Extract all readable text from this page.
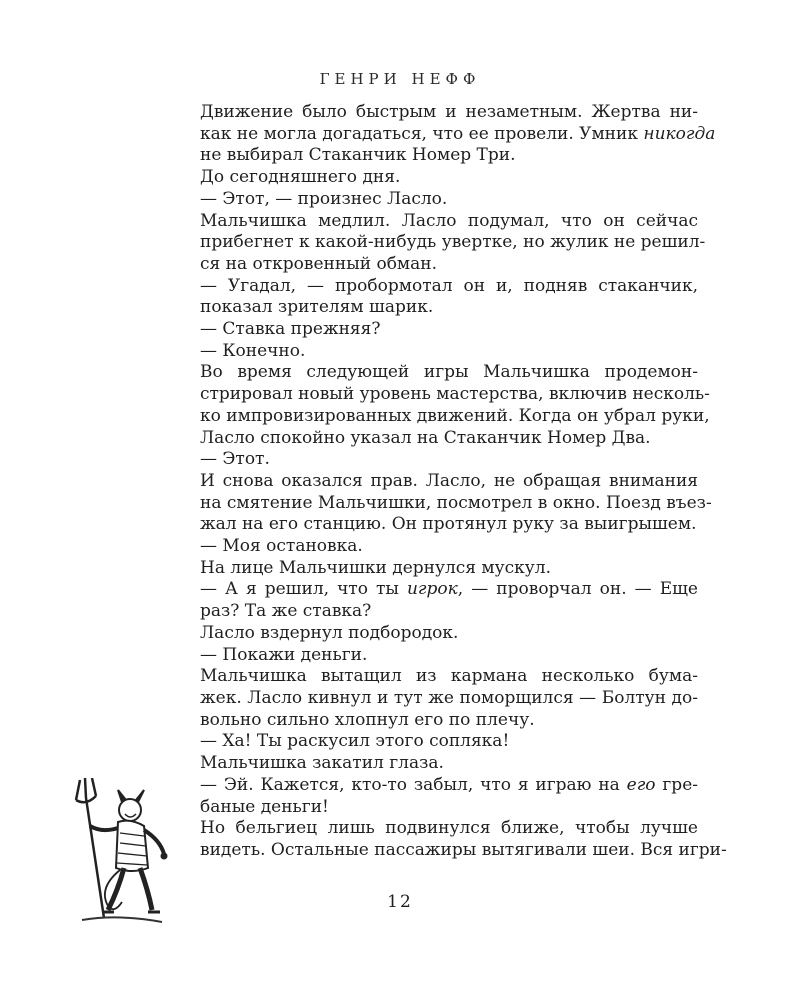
ГЕНРИ НЕФФ
Движение было быстрым и незаметным. Жертва ни-
как не могла догадаться, что ее провели. Умник никогда
не выбирал Стаканчик Номер Три.
До сегодняшнего дня.
— Этот, — произнес Ласло.
Мальчишка медлил. Ласло подумал, что он сейчас
прибегнет к какой-нибудь увертке, но жулик не решил-
ся на откровенный обман.
— Угадал, — пробормотал он и, подняв стаканчик,
показал зрителям шарик.
— Ставка прежняя?
— Конечно.
Во время следующей игры Мальчишка продемон-
стрировал новый уровень мастерства, включив несколь-
ко импровизированных движений. Когда он убрал руки,
Ласло спокойно указал на Стаканчик Номер Два.
— Этот.
И снова оказался прав. Ласло, не обращая внимания
на смятение Мальчишки, посмотрел в окно. Поезд въез-
жал на его станцию. Он протянул руку за выигрышем.
— Моя остановка.
На лице Мальчишки дернулся мускул.
— А я решил, что ты игрок, — проворчал он. — Еще
раз? Та же ставка?
Ласло вздернул подбородок.
— Покажи деньги.
Мальчишка вытащил из кармана несколько бума-
жек. Ласло кивнул и тут же поморщился — Болтун до-
вольно сильно хлопнул его по плечу.
— Ха! Ты раскусил этого сопляка!
Мальчишка закатил глаза.
— Эй. Кажется, кто-то забыл, что я играю на его гре-
баные деньги!
Но бельгиец лишь подвинулся ближе, чтобы лучше
видеть. Остальные пассажиры вытягивали шеи. Вся игри-
12
